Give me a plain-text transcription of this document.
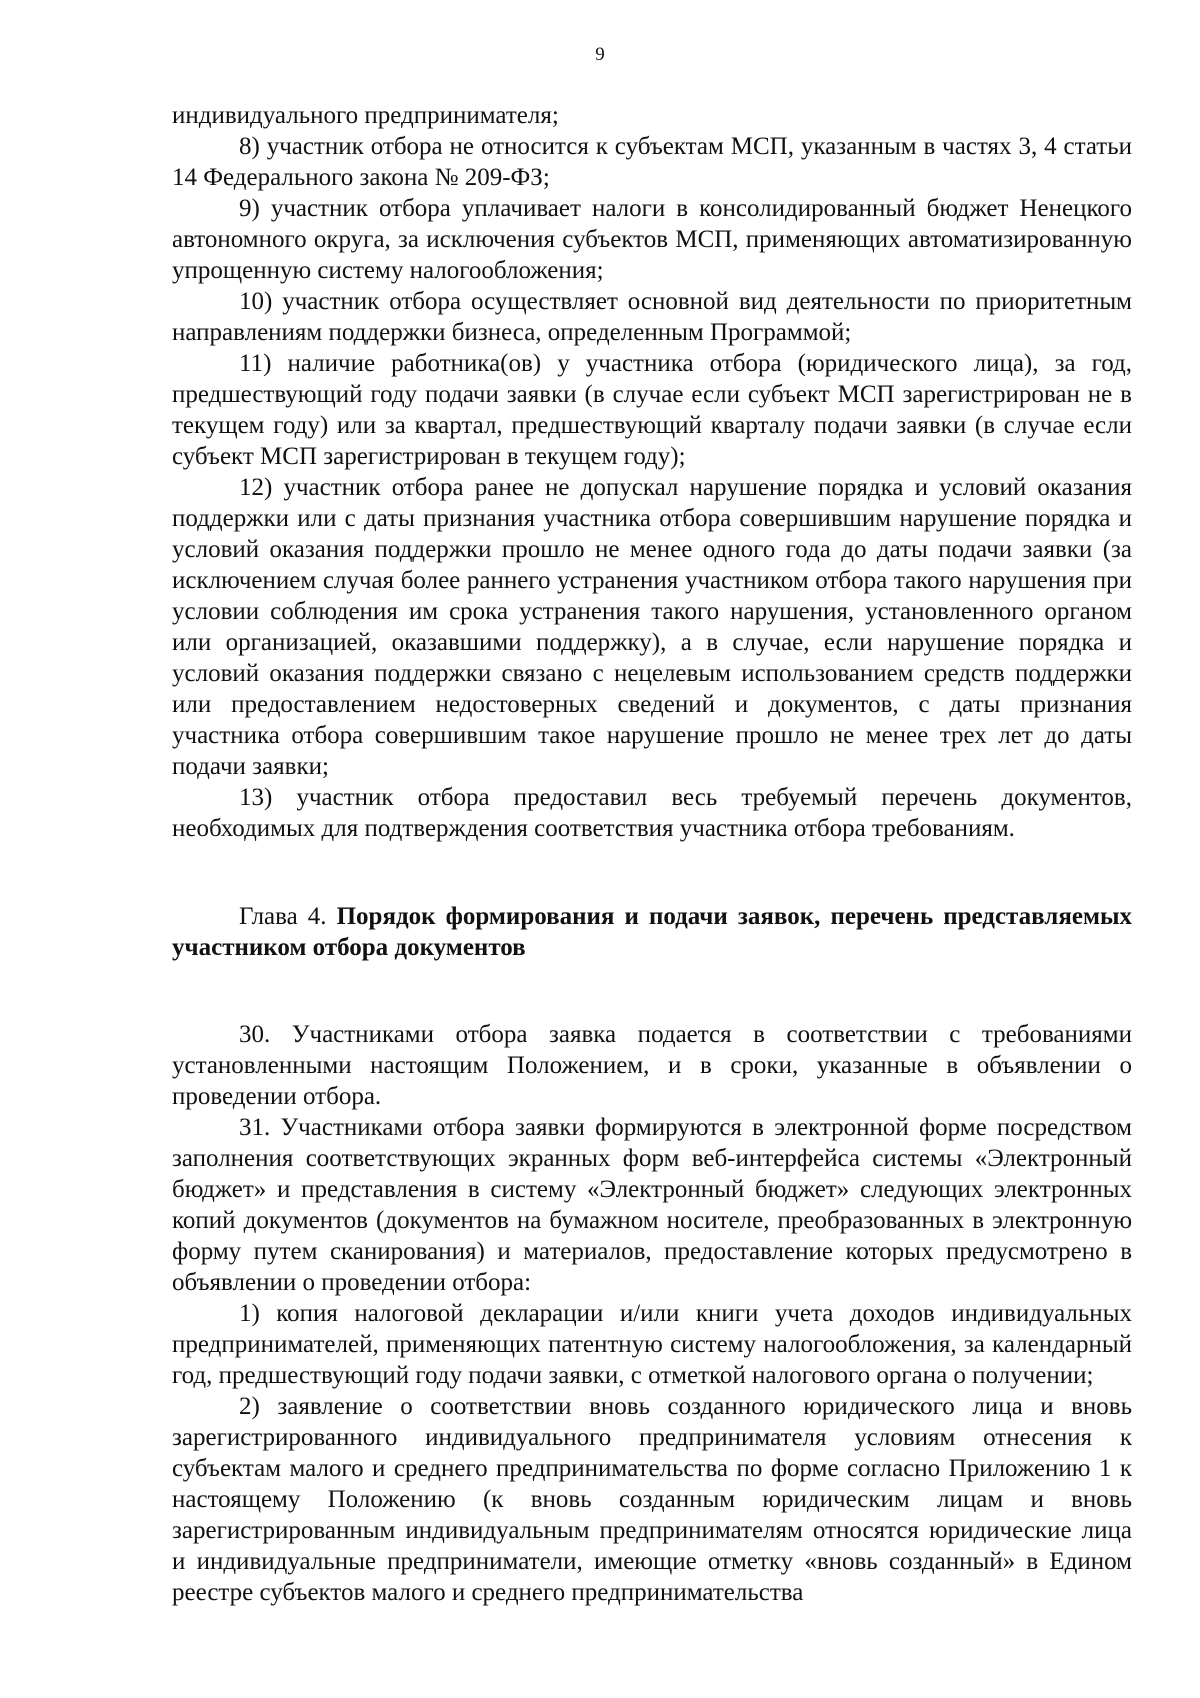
9

индивидуального предпринимателя;

8) участник отбора не относится к субъектам МСП, указанным в частях 3, 4 статьи 14 Федерального закона № 209-ФЗ;

9) участник отбора уплачивает налоги в консолидированный бюджет Ненецкого автономного округа, за исключения субъектов МСП, применяющих автоматизированную упрощенную систему налогообложения;

10) участник отбора осуществляет основной вид деятельности по приоритетным направлениям поддержки бизнеса, определенным Программой;

11) наличие работника(ов) у участника отбора (юридического лица), за год, предшествующий году подачи заявки (в случае если субъект МСП зарегистрирован не в текущем году) или за квартал, предшествующий кварталу подачи заявки (в случае если субъект МСП зарегистрирован в текущем году);

12) участник отбора ранее не допускал нарушение порядка и условий оказания поддержки или с даты признания участника отбора совершившим нарушение порядка и условий оказания поддержки прошло не менее одного года до даты подачи заявки (за исключением случая более раннего устранения участником отбора такого нарушения при условии соблюдения им срока устранения такого нарушения, установленного органом или организацией, оказавшими поддержку), а в случае, если нарушение порядка и условий оказания поддержки связано с нецелевым использованием средств поддержки или предоставлением недостоверных сведений и документов, с даты признания участника отбора совершившим такое нарушение прошло не менее трех лет до даты подачи заявки;

13) участник отбора предоставил весь требуемый перечень документов, необходимых для подтверждения соответствия участника отбора требованиям.

Глава 4. Порядок формирования и подачи заявок, перечень представляемых участником отбора документов

30. Участниками отбора заявка подается в соответствии с требованиями установленными настоящим Положением, и в сроки, указанные в объявлении о проведении отбора.

31. Участниками отбора заявки формируются в электронной форме посредством заполнения соответствующих экранных форм веб-интерфейса системы «Электронный бюджет» и представления в систему «Электронный бюджет» следующих электронных копий документов (документов на бумажном носителе, преобразованных в электронную форму путем сканирования) и материалов, предоставление которых предусмотрено в объявлении о проведении отбора:

1) копия налоговой декларации и/или книги учета доходов индивидуальных предпринимателей, применяющих патентную систему налогообложения, за календарный год, предшествующий году подачи заявки, с отметкой налогового органа о получении;

2) заявление о соответствии вновь созданного юридического лица и вновь зарегистрированного индивидуального предпринимателя условиям отнесения к субъектам малого и среднего предпринимательства по форме согласно Приложению 1 к настоящему Положению (к вновь созданным юридическим лицам и вновь зарегистрированным индивидуальным предпринимателям относятся юридические лица и индивидуальные предприниматели, имеющие отметку «вновь созданный» в Едином реестре субъектов малого и среднего предпринимательства
